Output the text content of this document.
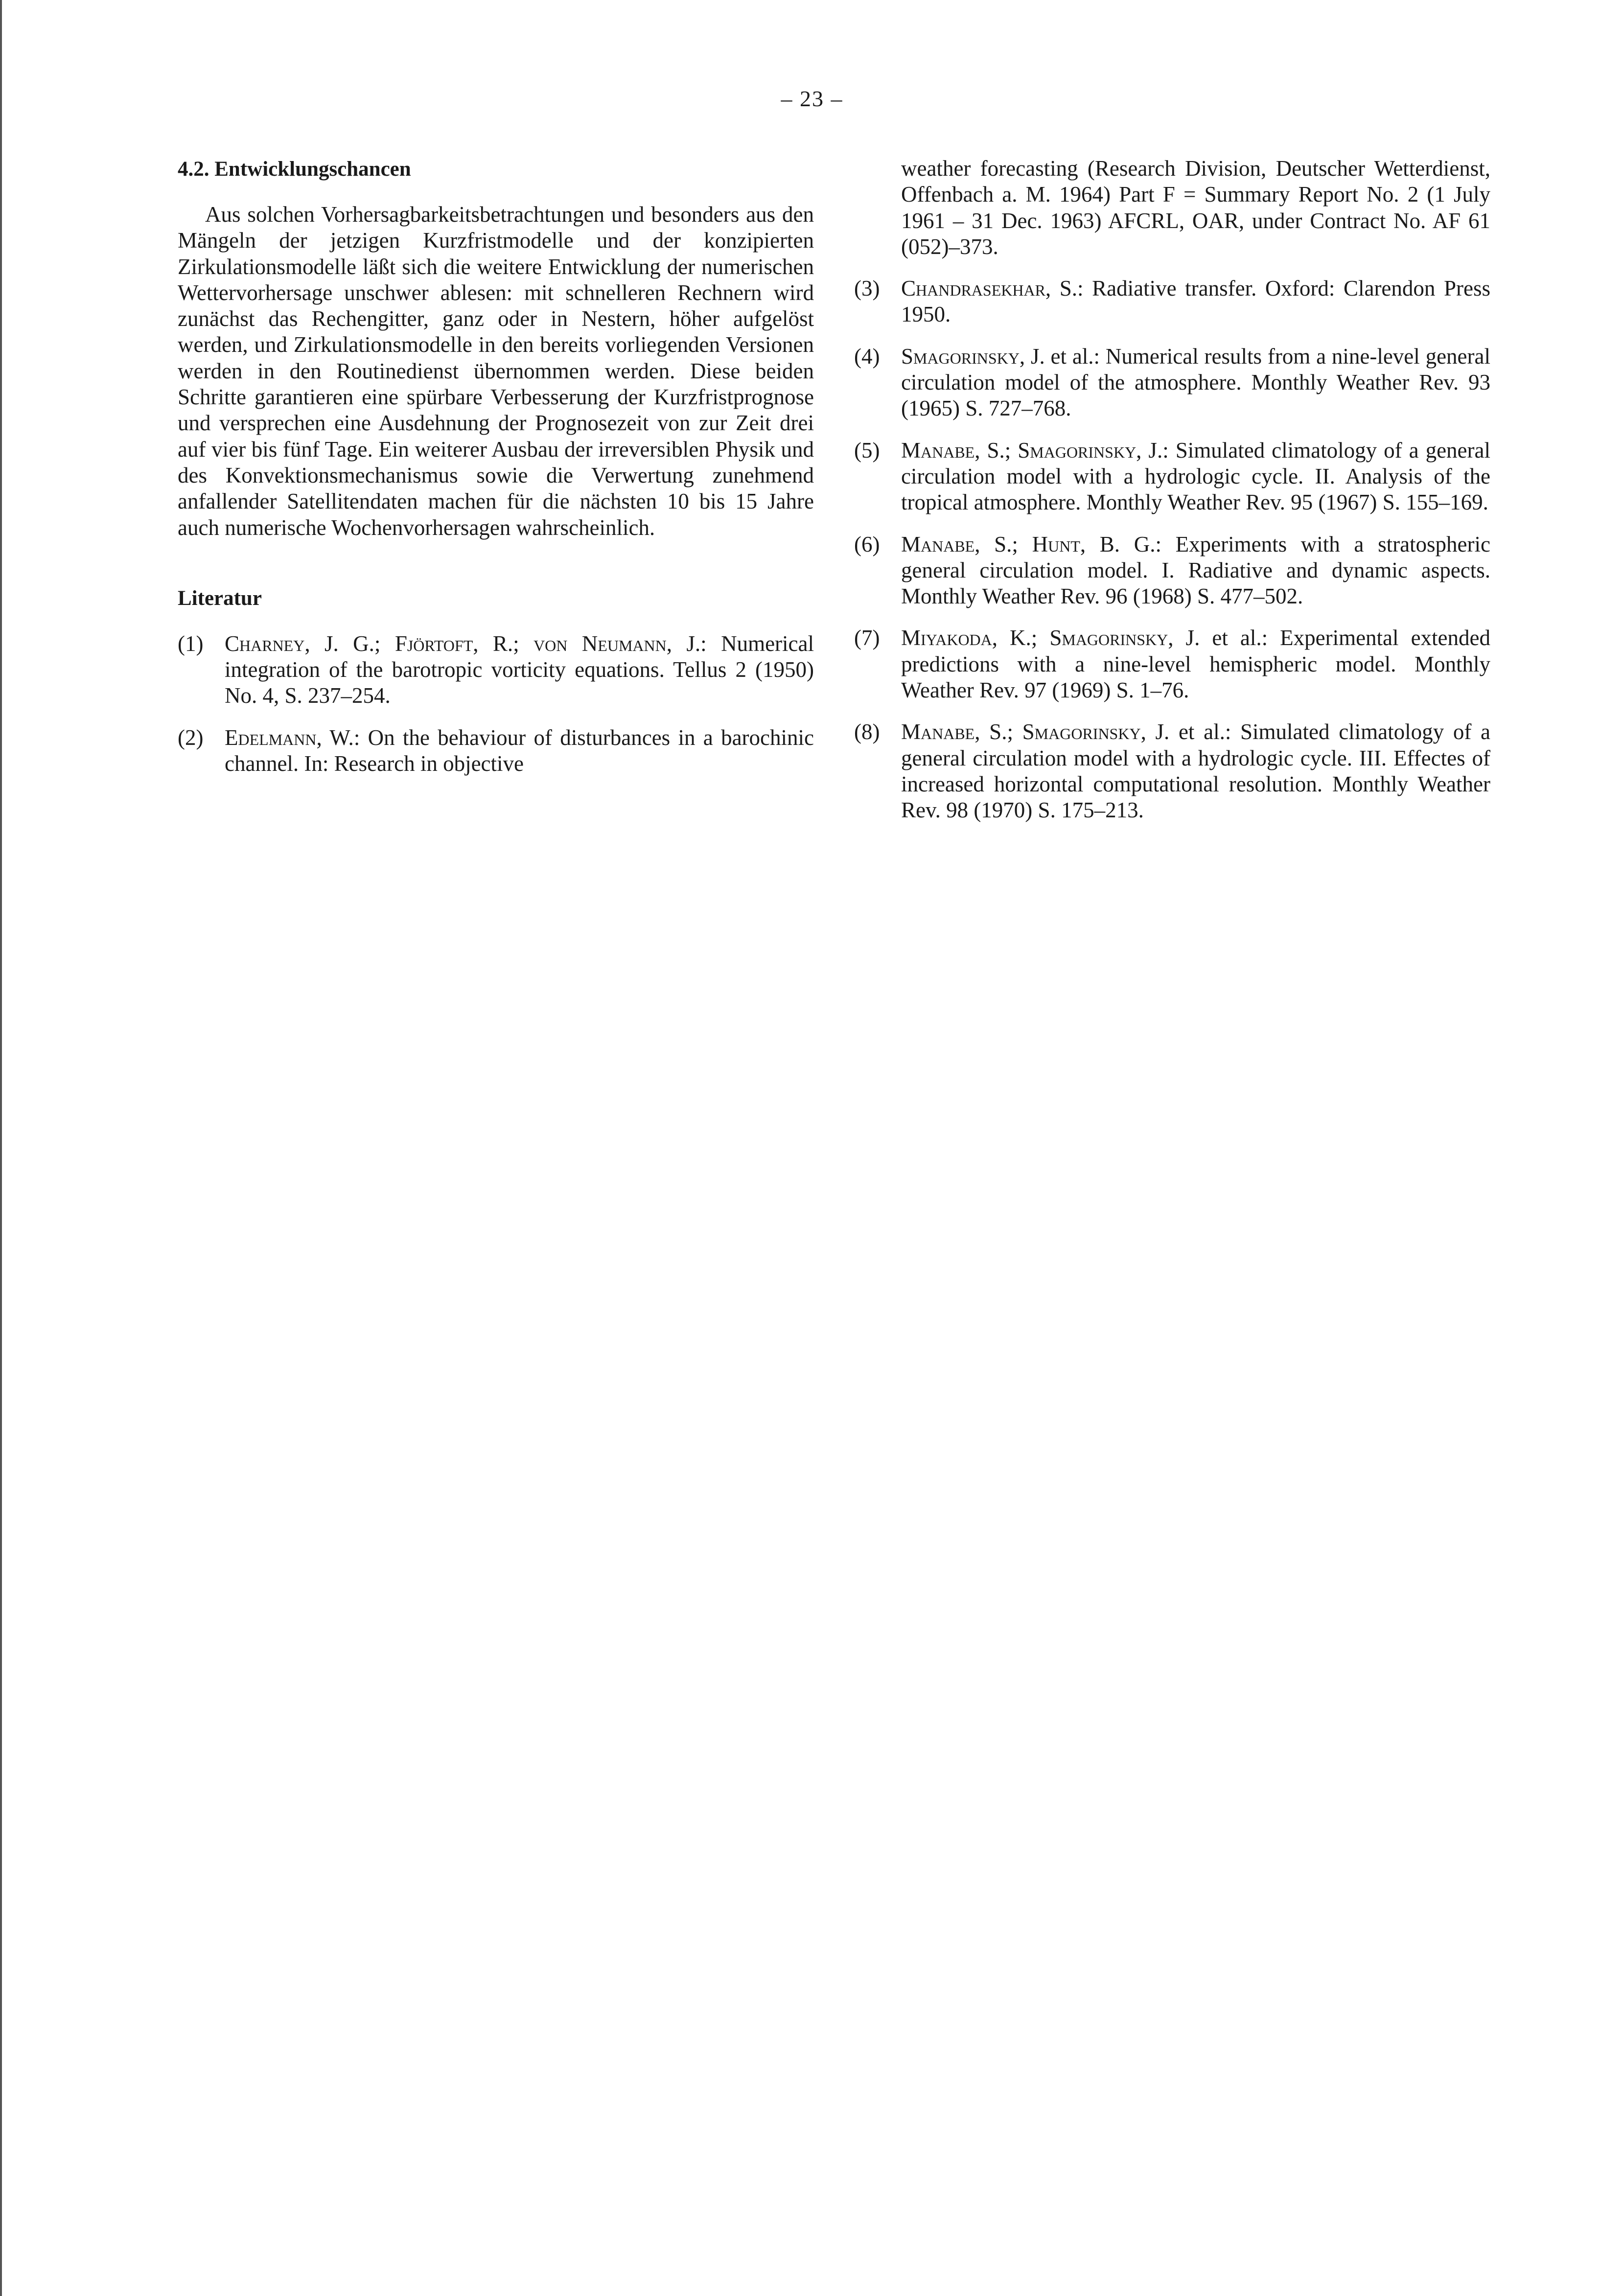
– 23 –
4.2. Entwicklungschancen

Aus solchen Vorhersagbarkeitsbetrachtungen und besonders aus den Mängeln der jetzigen Kurzfristmodelle und der konzipierten Zirkulationsmodelle läßt sich die weitere Entwicklung der numerischen Wettervorhersage unschwer ablesen: mit schnelleren Rechnern wird zunächst das Rechengitter, ganz oder in Nestern, höher aufgelöst werden, und Zirkulationsmodelle in den bereits vorliegenden Versionen werden in den Routinedienst übernommen werden. Diese beiden Schritte garantieren eine spürbare Verbesserung der Kurzfristprognose und versprechen eine Ausdehnung der Prognosezeit von zur Zeit drei auf vier bis fünf Tage. Ein weiterer Ausbau der irreversiblen Physik und des Konvektionsmechanismus sowie die Verwertung zunehmend anfallender Satellitendaten machen für die nächsten 10 bis 15 Jahre auch numerische Wochenvorhersagen wahrscheinlich.

Literatur
(1) Charney, J. G.; Fjörtoft, R.; von Neumann, J.: Numerical integration of the barotropic vorticity equations. Tellus 2 (1950) No. 4, S. 237–254.
(2) Edelmann, W.: On the behaviour of disturbances in a barochinic channel. In: Research in objective

weather forecasting (Research Division, Deutscher Wetterdienst, Offenbach a. M. 1964) Part F = Summary Report No. 2 (1 July 1961 – 31 Dec. 1963) AFCRL, OAR, under Contract No. AF 61 (052)–373.

(3) Chandrasekhar, S.: Radiative transfer. Oxford: Clarendon Press 1950.
(4) Smagorinsky, J. et al.: Numerical results from a nine-level general circulation model of the atmosphere. Monthly Weather Rev. 93 (1965) S. 727–768.
(5) Manabe, S.; Smagorinsky, J.: Simulated climatology of a general circulation model with a hydrologic cycle. II. Analysis of the tropical atmosphere. Monthly Weather Rev. 95 (1967) S. 155–169.
(6) Manabe, S.; Hunt, B. G.: Experiments with a stratospheric general circulation model. I. Radiative and dynamic aspects. Monthly Weather Rev. 96 (1968) S. 477–502.
(7) Miyakoda, K.; Smagorinsky, J. et al.: Experimental extended predictions with a nine-level hemispheric model. Monthly Weather Rev. 97 (1969) S. 1–76.
(8) Manabe, S.; Smagorinsky, J. et al.: Simulated climatology of a general circulation model with a hydrologic cycle. III. Effectes of increased horizontal computational resolution. Monthly Weather Rev. 98 (1970) S. 175–213.
